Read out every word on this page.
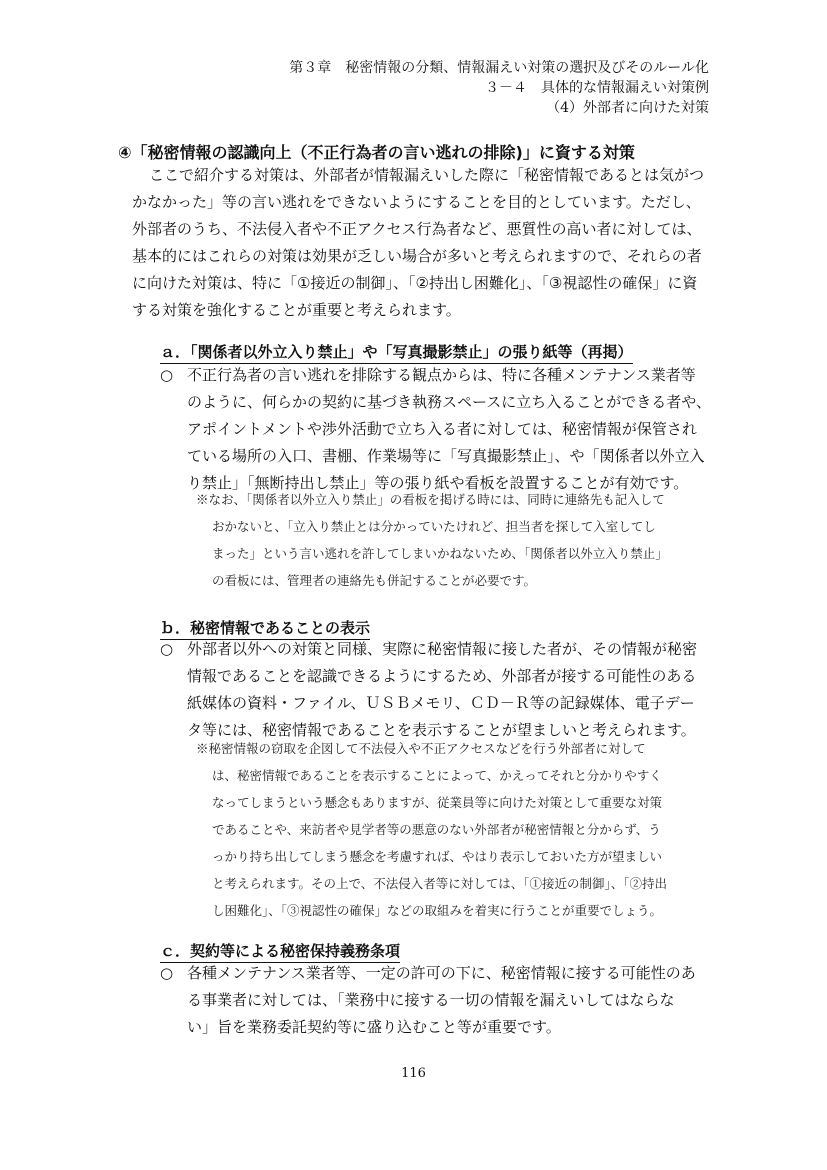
第３章　秘密情報の分類、情報漏えい対策の選択及びそのルール化
３－４　具体的な情報漏えい対策例
（4）外部者に向けた対策
④「秘密情報の認識向上（不正行為者の言い逃れの排除)」に資する対策
ここで紹介する対策は、外部者が情報漏えいした際に「秘密情報であるとは気がつ
かなかった」等の言い逃れをできないようにすることを目的としています。ただし、
外部者のうち、不法侵入者や不正アクセス行為者など、悪質性の高い者に対しては、
基本的にはこれらの対策は効果が乏しい場合が多いと考えられますので、それらの者
に向けた対策は、特に「①接近の制御」、「②持出し困難化」、「③視認性の確保」に資
する対策を強化することが重要と考えられます。
ａ．「関係者以外立入り禁止」や「写真撮影禁止」の張り紙等（再掲）
○ 不正行為者の言い逃れを排除する観点からは、特に各種メンテナンス業者等
のように、何らかの契約に基づき執務スペースに立ち入ることができる者や、
アポイントメントや渉外活動で立ち入る者に対しては、秘密情報が保管され
ている場所の入口、書棚、作業場等に「写真撮影禁止」、や「関係者以外立入
り禁止」「無断持出し禁止」等の張り紙や看板を設置することが有効です。
※なお、「関係者以外立入り禁止」の看板を掲げる時には、同時に連絡先も記入して
おかないと、「立入り禁止とは分かっていたけれど、担当者を探して入室してし
まった」という言い逃れを許してしまいかねないため、「関係者以外立入り禁止」
の看板には、管理者の連絡先も併記することが必要です。
ｂ．秘密情報であることの表示
○ 外部者以外への対策と同様、実際に秘密情報に接した者が、その情報が秘密
情報であることを認識できるようにするため、外部者が接する可能性のある
紙媒体の資料・ファイル、ＵＳＢメモリ、ＣＤ－Ｒ等の記録媒体、電子デー
タ等には、秘密情報であることを表示することが望ましいと考えられます。
※秘密情報の窃取を企図して不法侵入や不正アクセスなどを行う外部者に対して
は、秘密情報であることを表示することによって、かえってそれと分かりやすく
なってしまうという懸念もありますが、従業員等に向けた対策として重要な対策
であることや、来訪者や見学者等の悪意のない外部者が秘密情報と分からず、う
っかり持ち出してしまう懸念を考慮すれば、やはり表示しておいた方が望ましい
と考えられます。その上で、不法侵入者等に対しては、「①接近の制御」、「②持出
し困難化」、「③視認性の確保」などの取組みを着実に行うことが重要でしょう。
ｃ．契約等による秘密保持義務条項
○ 各種メンテナンス業者等、一定の許可の下に、秘密情報に接する可能性のあ
る事業者に対しては、「業務中に接する一切の情報を漏えいしてはならな
い」旨を業務委託契約等に盛り込むこと等が重要です。
116
